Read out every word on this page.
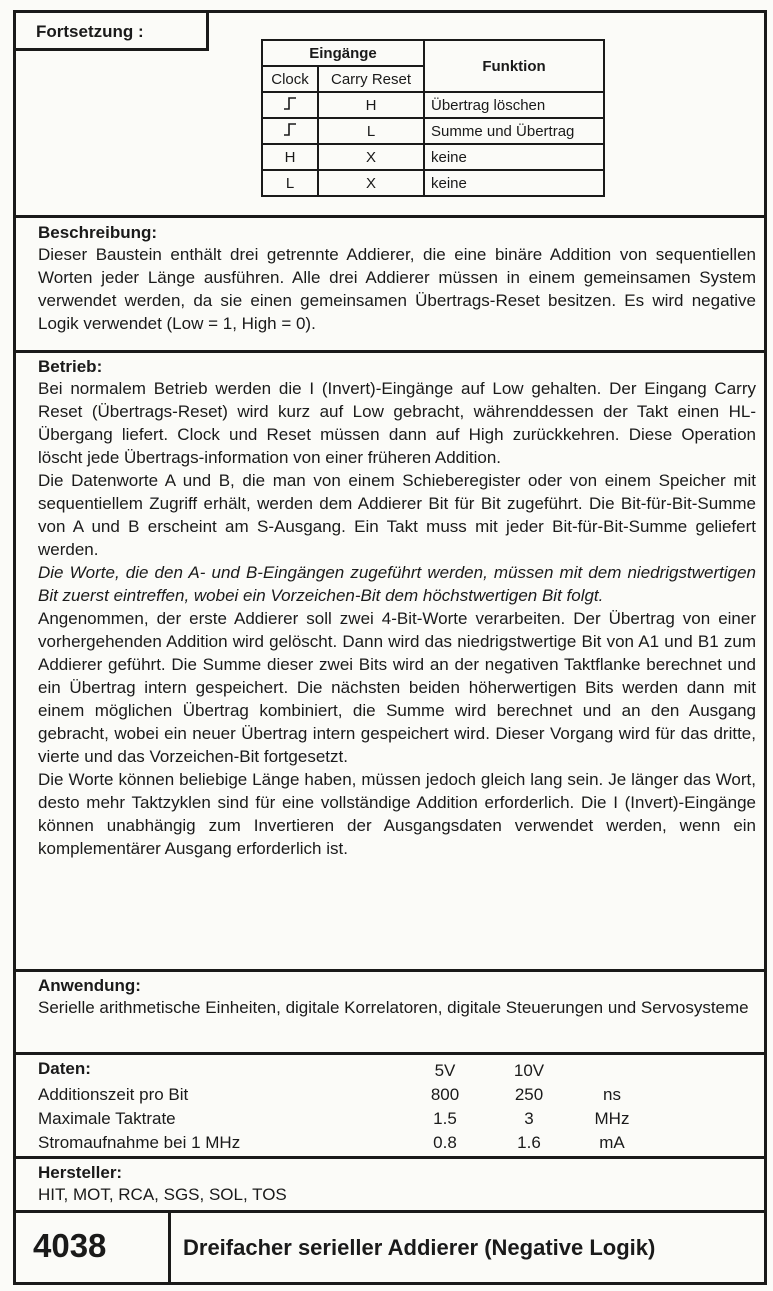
Fortsetzung :
Eingänge		Funktion
Clock	Carry Reset	
	H	Übertrag löschen
	L	Summe und Übertrag
H	X	keine
L	X	keine
Beschreibung:

Dieser Baustein enthält drei getrennte Addierer, die eine binäre Addition von sequentiellen Worten jeder Länge ausführen. Alle drei Addierer müssen in einem gemeinsamen System verwendet werden, da sie einen gemeinsamen Übertrags-Reset besitzen. Es wird negative Logik verwendet (Low = 1, High = 0).

Betrieb:

Bei normalem Betrieb werden die I (Invert)-Eingänge auf Low gehalten. Der Eingang Carry Reset (Übertrags-Reset) wird kurz auf Low gebracht, währenddessen der Takt einen HL-Übergang liefert. Clock und Reset müssen dann auf High zurückkehren. Diese Operation löscht jede Übertrags-information von einer früheren Addition.

Die Datenworte A und B, die man von einem Schieberegister oder von einem Speicher mit sequentiellem Zugriff erhält, werden dem Addierer Bit für Bit zugeführt. Die Bit-für-Bit-Summe von A und B erscheint am S-Ausgang. Ein Takt muss mit jeder Bit-für-Bit-Summe geliefert werden.

Die Worte, die den A- und B-Eingängen zugeführt werden, müssen mit dem niedrigstwertigen Bit zuerst eintreffen, wobei ein Vorzeichen-Bit dem höchstwertigen Bit folgt.

Angenommen, der erste Addierer soll zwei 4-Bit-Worte verarbeiten. Der Übertrag von einer vorhergehenden Addition wird gelöscht. Dann wird das niedrigstwertige Bit von A1 und B1 zum Addierer geführt. Die Summe dieser zwei Bits wird an der negativen Taktflanke berechnet und ein Übertrag intern gespeichert. Die nächsten beiden höherwertigen Bits werden dann mit einem möglichen Übertrag kombiniert, die Summe wird berechnet und an den Ausgang gebracht, wobei ein neuer Übertrag intern gespeichert wird. Dieser Vorgang wird für das dritte, vierte und das Vorzeichen-Bit fortgesetzt.

Die Worte können beliebige Länge haben, müssen jedoch gleich lang sein. Je länger das Wort, desto mehr Taktzyklen sind für eine vollständige Addition erforderlich. Die I (Invert)-Eingänge können unabhängig zum Invertieren der Ausgangsdaten verwendet werden, wenn ein komplementärer Ausgang erforderlich ist.

Anwendung:

Serielle arithmetische Einheiten, digitale Korrelatoren, digitale Steuerungen und Servosysteme

Daten:	5V	10V
Additionszeit pro Bit	800	250	ns
Maximale Taktrate	1.5	3	MHz
Stromaufnahme bei 1 MHz	0.8	1.6	mA
Hersteller:

HIT, MOT, RCA, SGS, SOL, TOS

4038	Dreifacher serieller Addierer (Negative Logik)
